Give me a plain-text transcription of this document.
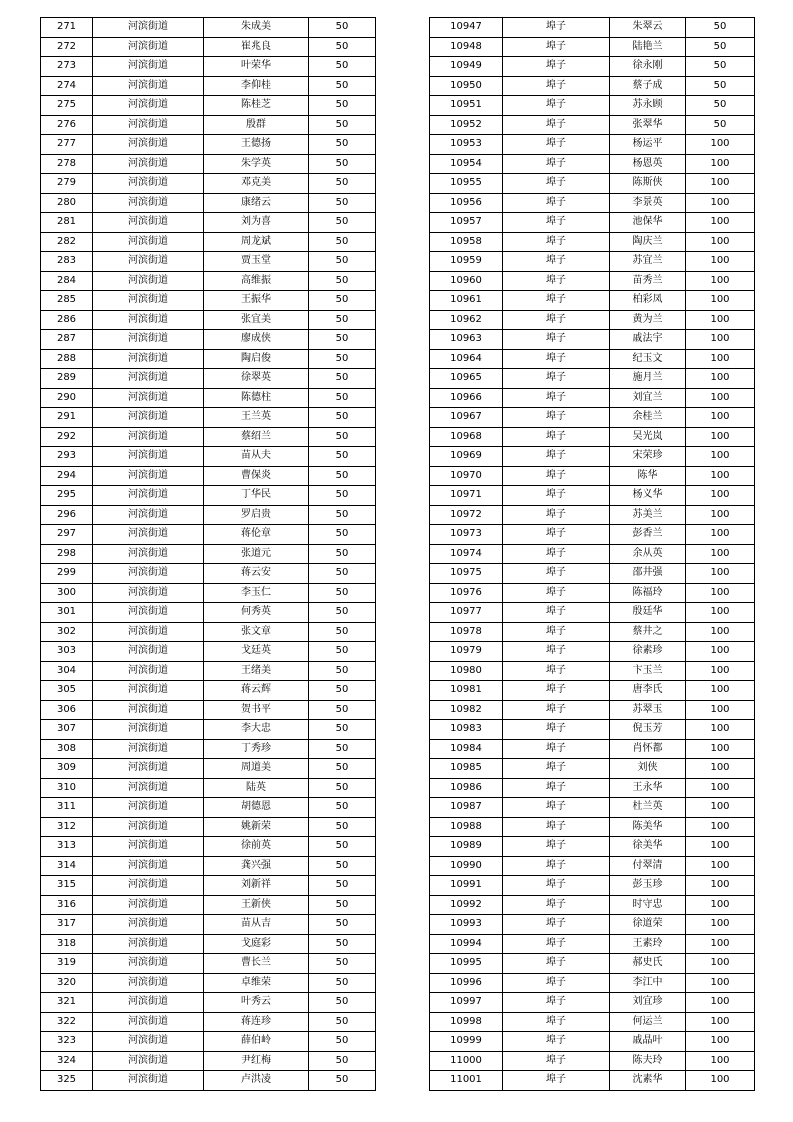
271	河滨街道	朱成美	50
272	河滨街道	崔兆良	50
273	河滨街道	叶荣华	50
274	河滨街道	李仰桂	50
275	河滨街道	陈桂芝	50
276	河滨街道	殷群	50
277	河滨街道	王德扬	50
278	河滨街道	朱学英	50
279	河滨街道	邓克美	50
280	河滨街道	康绪云	50
281	河滨街道	刘为喜	50
282	河滨街道	周龙斌	50
283	河滨街道	贾玉堂	50
284	河滨街道	高维振	50
285	河滨街道	王振华	50
286	河滨街道	张宜美	50
287	河滨街道	廖成侠	50
288	河滨街道	陶启俊	50
289	河滨街道	徐翠英	50
290	河滨街道	陈德柱	50
291	河滨街道	王兰英	50
292	河滨街道	蔡绍兰	50
293	河滨街道	苗从夫	50
294	河滨街道	曹保炎	50
295	河滨街道	丁华民	50
296	河滨街道	罗启贵	50
297	河滨街道	蒋伦章	50
298	河滨街道	张道元	50
299	河滨街道	蒋云安	50
300	河滨街道	李玉仁	50
301	河滨街道	何秀英	50
302	河滨街道	张文章	50
303	河滨街道	戈廷英	50
304	河滨街道	王绪美	50
305	河滨街道	蒋云辉	50
306	河滨街道	贺书平	50
307	河滨街道	李大忠	50
308	河滨街道	丁秀珍	50
309	河滨街道	周道美	50
310	河滨街道	陆英	50
311	河滨街道	胡德恩	50
312	河滨街道	姚新荣	50
313	河滨街道	徐前英	50
314	河滨街道	龚兴强	50
315	河滨街道	刘新祥	50
316	河滨街道	王新侠	50
317	河滨街道	苗从吉	50
318	河滨街道	戈庭彩	50
319	河滨街道	曹长兰	50
320	河滨街道	卓维荣	50
321	河滨街道	叶秀云	50
322	河滨街道	蒋连珍	50
323	河滨街道	薛伯岭	50
324	河滨街道	尹红梅	50
325	河滨街道	卢洪凌	50
10947	埠子	朱翠云	50
10948	埠子	陆艳兰	50
10949	埠子	徐永刚	50
10950	埠子	蔡子成	50
10951	埠子	苏永顾	50
10952	埠子	张翠华	50
10953	埠子	杨运平	100
10954	埠子	杨恩英	100
10955	埠子	陈斯侠	100
10956	埠子	李景英	100
10957	埠子	池保华	100
10958	埠子	陶庆兰	100
10959	埠子	苏宜兰	100
10960	埠子	苗秀兰	100
10961	埠子	柏彩凤	100
10962	埠子	黄为兰	100
10963	埠子	戚法宇	100
10964	埠子	纪玉文	100
10965	埠子	施月兰	100
10966	埠子	刘宜兰	100
10967	埠子	余桂兰	100
10968	埠子	吴光岚	100
10969	埠子	宋荣珍	100
10970	埠子	陈华	100
10971	埠子	杨义华	100
10972	埠子	苏美兰	100
10973	埠子	彭香兰	100
10974	埠子	余从英	100
10975	埠子	邵井强	100
10976	埠子	陈福玲	100
10977	埠子	殷廷华	100
10978	埠子	蔡井之	100
10979	埠子	徐素珍	100
10980	埠子	卞玉兰	100
10981	埠子	唐李氏	100
10982	埠子	苏翠玉	100
10983	埠子	倪玉芳	100
10984	埠子	肖怀都	100
10985	埠子	刘侠	100
10986	埠子	王永华	100
10987	埠子	杜兰英	100
10988	埠子	陈美华	100
10989	埠子	徐美华	100
10990	埠子	付翠清	100
10991	埠子	彭玉珍	100
10992	埠子	时守忠	100
10993	埠子	徐道荣	100
10994	埠子	王素玲	100
10995	埠子	郝史氏	100
10996	埠子	李江中	100
10997	埠子	刘宜珍	100
10998	埠子	何运兰	100
10999	埠子	戚晶叶	100
11000	埠子	陈夫玲	100
11001	埠子	沈素华	100
